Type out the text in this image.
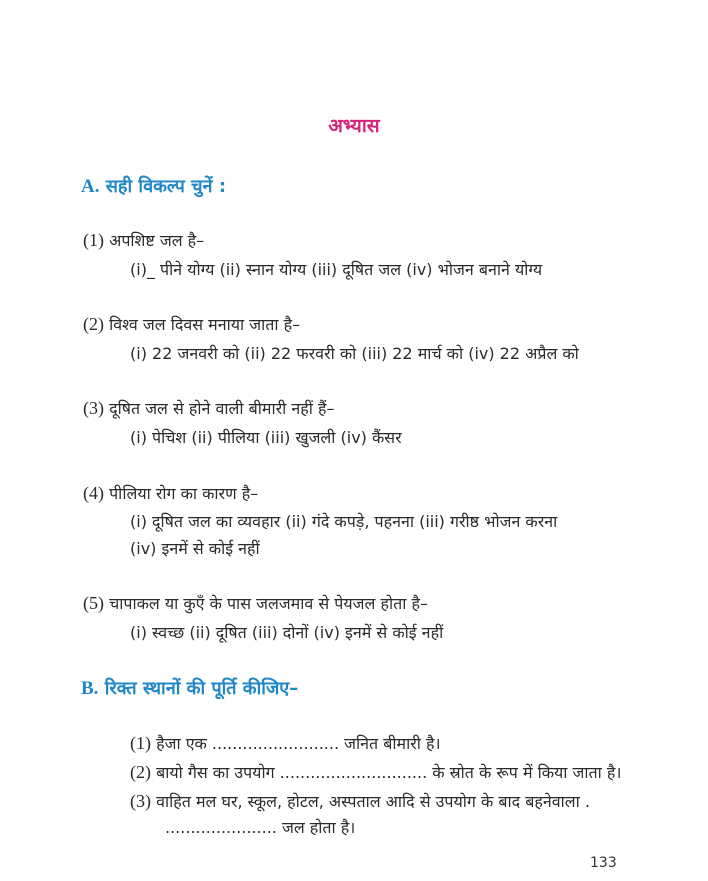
अभ्यास
A. सही विकल्प चुनें :
(1) अपशिष्ट जल है–
(i)_ पीने योग्य (ii) स्नान योग्य (iii) दूषित जल (iv) भोजन बनाने योग्य
(2) विश्व जल दिवस मनाया जाता है–
(i) 22 जनवरी को (ii) 22 फरवरी को (iii) 22 मार्च को (iv) 22 अप्रैल को
(3) दूषित जल से होने वाली बीमारी नहीं हैं–
(i) पेचिश (ii) पीलिया (iii) खुजली (iv) कैंसर
(4) पीलिया रोग का कारण है–
(i) दूषित जल का व्यवहार (ii) गंदे कपड़े, पहनना (iii) गरीष्ठ भोजन करना
(iv) इनमें से कोई नहीं
(5) चापाकल या कुएँ के पास जलजमाव से पेयजल होता है–
(i) स्वच्छ (ii) दूषित (iii) दोनों (iv) इनमें से कोई नहीं
B. रिक्त स्थानों की पूर्ति कीजिए–
(1) हैजा एक ......................... जनित बीमारी है।
(2) बायो गैस का उपयोग ............................. के स्रोत के रूप में किया जाता है।
(3) वाहित मल घर, स्कूल, होटल, अस्पताल आदि से उपयोग के बाद बहनेवाला .
...................... जल होता है।
133
